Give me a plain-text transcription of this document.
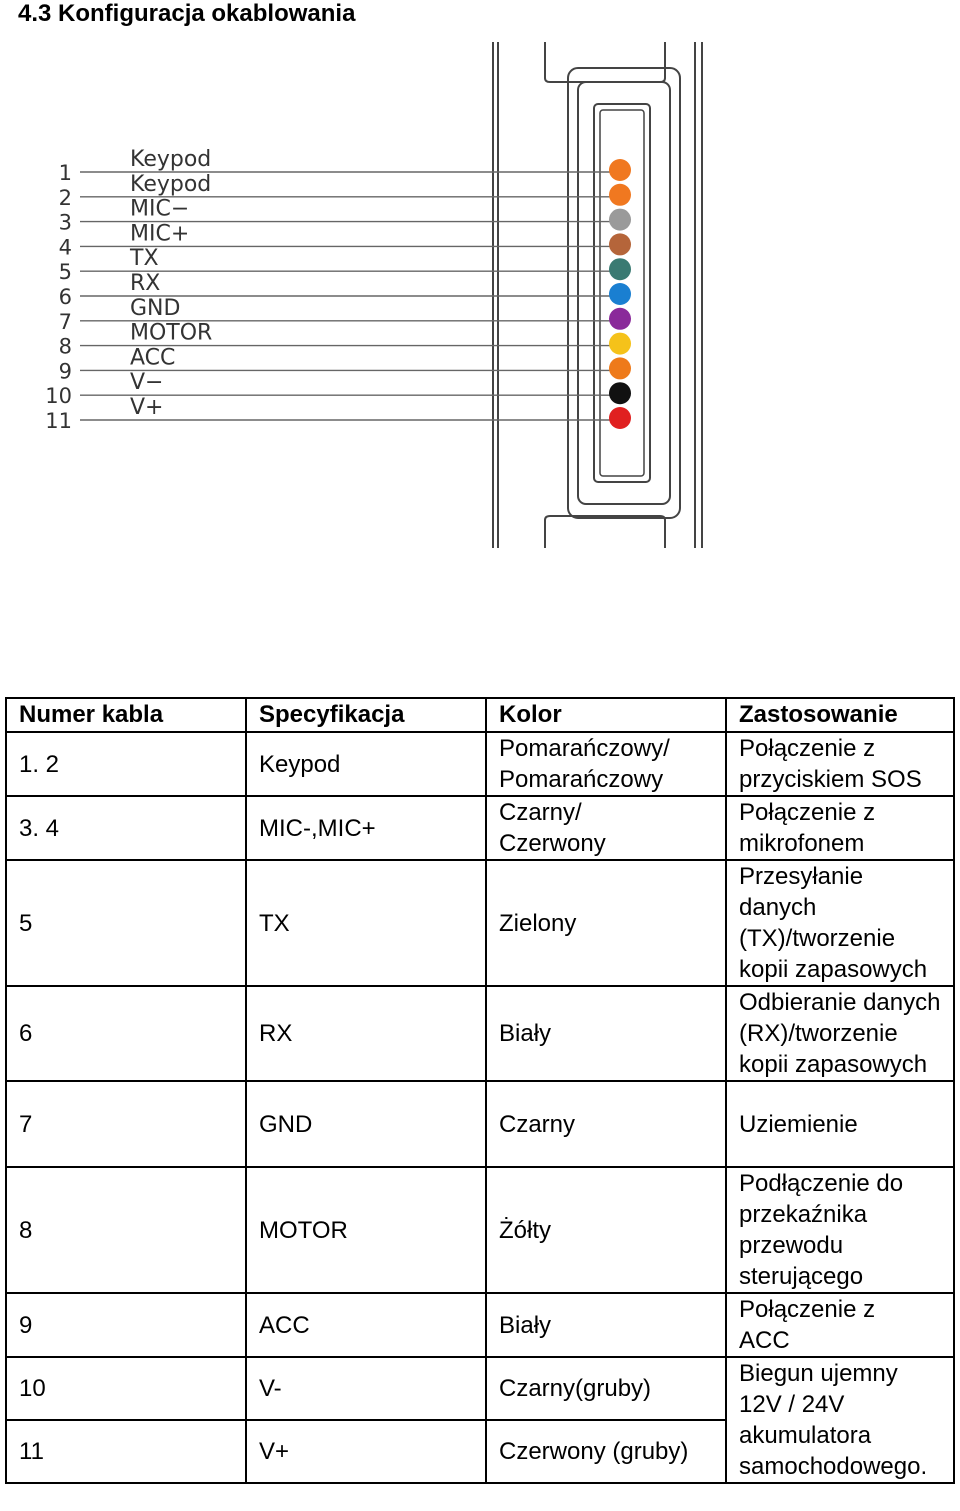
4.3 Konfiguracja okablowania
1
Keypod
2
Keypod
3
MIC−
4
MIC+
5
TX
6
RX
7
GND
8
MOTOR
9
ACC
10
V−
11
V+
Numer kabla	Specyfikacja	Kolor	Zastosowanie
1. 2	Keypod	Pomarańczowy/ Pomarańczowy	Połączenie z przyciskiem SOS
3. 4	MIC-,MIC+	Czarny/ Czerwony	Połączenie z mikrofonem
5	TX	Zielony	Przesyłanie danych (TX)/tworzenie kopii zapasowych
6	RX	Biały	Odbieranie danych (RX)/tworzenie kopii zapasowych
7	GND	Czarny	Uziemienie
8	MOTOR	Żółty	Podłączenie do przekaźnika przewodu sterującego
9	ACC	Biały	Połączenie z ACC
10	V-	Czarny(gruby)	Biegun ujemny 12V / 24V akumulatora samochodowego.
11	V+	Czerwony (gruby)	
